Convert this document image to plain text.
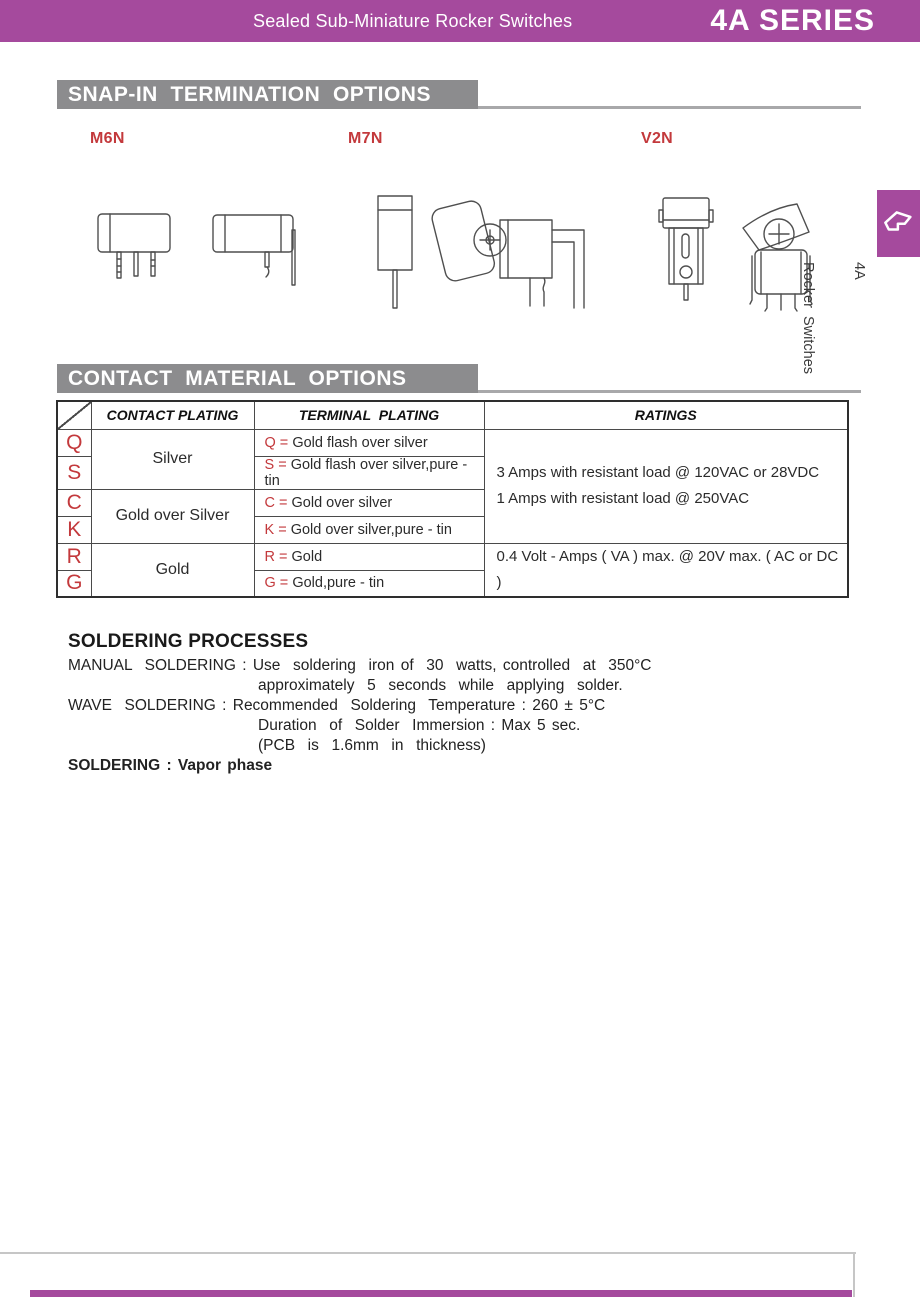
Sealed Sub-Miniature Rocker Switches	4A SERIES
SNAP-IN  TERMINATION  OPTIONS
M6N	M7N	V2N

4A

Rocker  Switches

CONTACT  MATERIAL  OPTIONS
	CONTACT PLATING	TERMINAL  PLATING	RATINGS
Q	Silver	Q = Gold flash over silver	3 Amps with resistant load @ 120VAC or 28VDC
1 Amps with resistant load @ 250VAC

S		S = Gold flash over silver,pure - tin	
C	Gold over Silver	C = Gold over silver	
K		K = Gold over silver,pure - tin	
R	Gold	R = Gold	0.4 Volt - Amps ( VA ) max. @ 20V max. ( AC or DC )

G		G = Gold,pure - tin	
SOLDERING PROCESSES
MANUAL  SOLDERING : Use  soldering  iron of  30  watts, controlled  at  350°C
approximately  5  seconds  while  applying  solder.
WAVE  SOLDERING : Recommended  Soldering  Temperature : 260 ± 5°C
Duration  of  Solder  Immersion : Max 5 sec.
(PCB  is  1.6mm  in  thickness)
SOLDERING : Vapor phase
